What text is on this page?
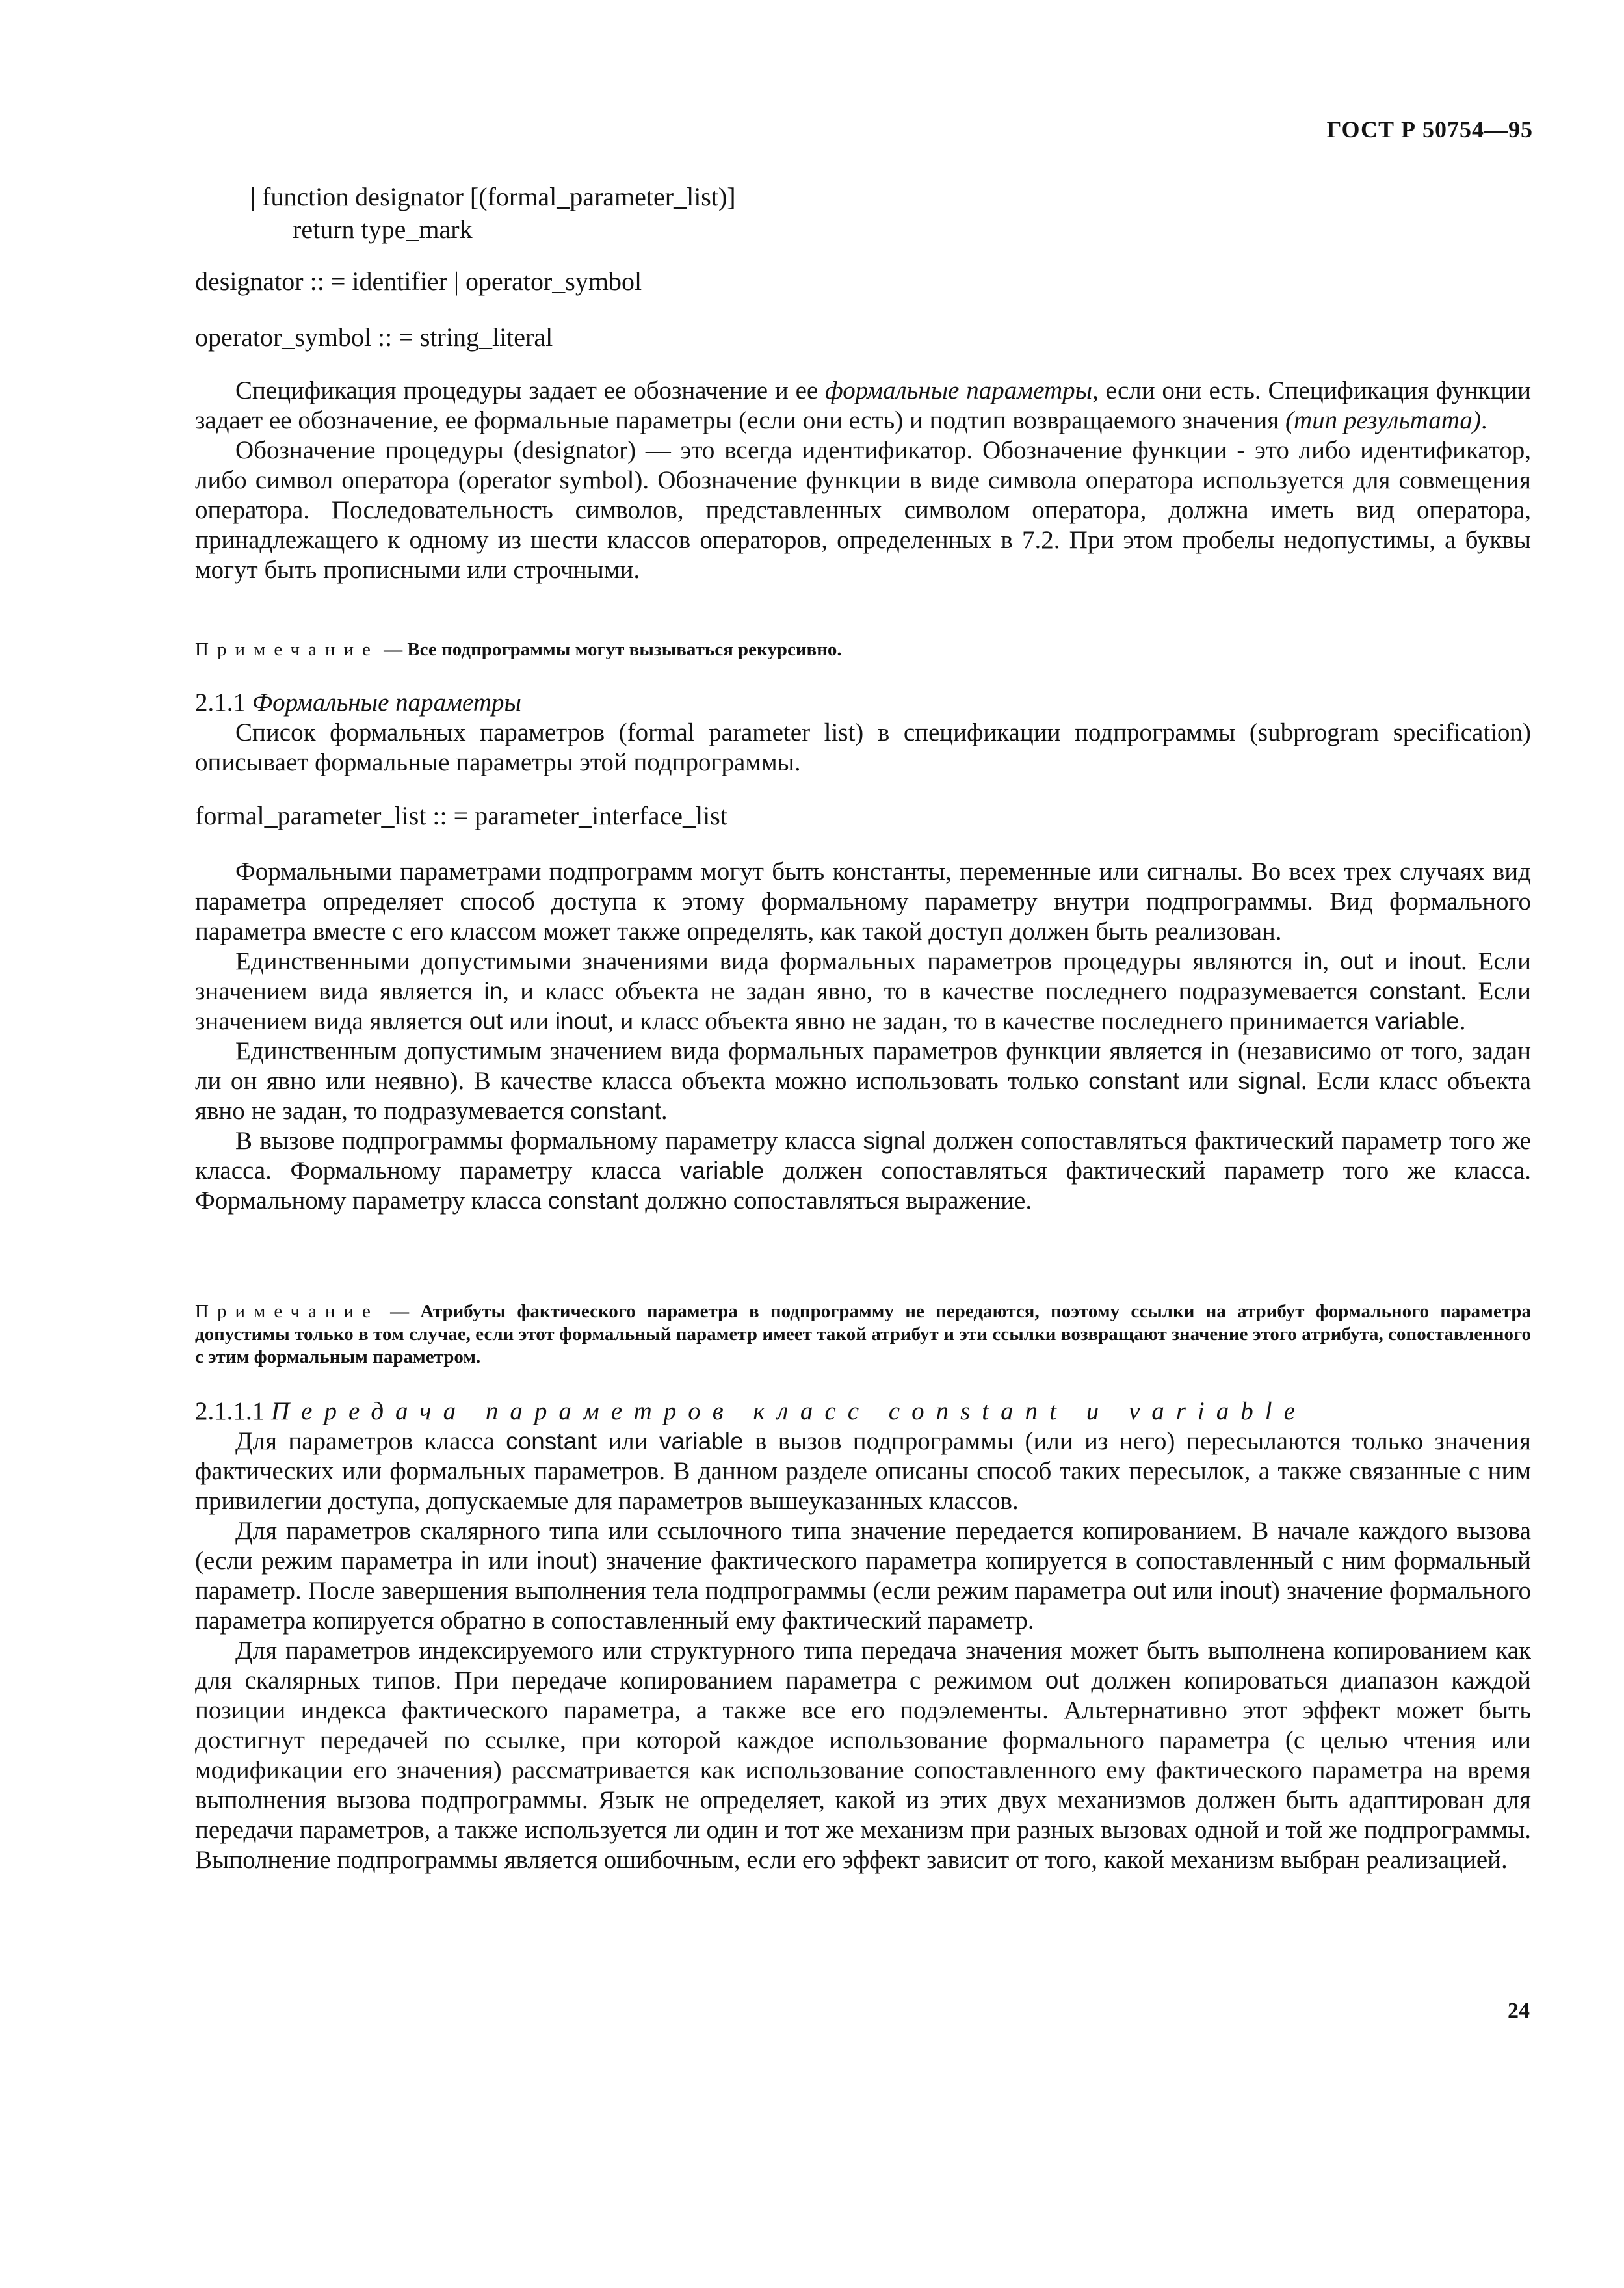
ГОСТ Р 50754—95
| function designator [(formal_parameter_list)]
return type_mark
designator :: = identifier | operator_symbol
operator_symbol :: = string_literal

Спецификация процедуры задает ее обозначение и ее формальные параметры, если они есть. Спецификация функции задает ее обозначение, ее формальные параметры (если они есть) и подтип возвращаемого значения (тип результата).

Обозначение процедуры (designator) — это всегда идентификатор. Обозначение функции - это либо идентификатор, либо символ оператора (operator symbol). Обозначение функции в виде символа оператора используется для совмещения оператора. Последовательность символов, представленных символом оператора, должна иметь вид оператора, принадлежащего к одному из шести классов операторов, определенных в 7.2. При этом пробелы недопустимы, а буквы могут быть прописными или строчными.

Примечание — Все подпрограммы могут вызываться рекурсивно.

2.1.1 Формальные параметры

Список формальных параметров (formal parameter list) в спецификации подпрограммы (subprogram specification) описывает формальные параметры этой подпрограммы.

formal_parameter_list :: = parameter_interface_list

Формальными параметрами подпрограмм могут быть константы, переменные или сигналы. Во всех трех случаях вид параметра определяет способ доступа к этому формальному параметру внутри подпрограммы. Вид формального параметра вместе с его классом может также определять, как такой доступ должен быть реализован.

Единственными допустимыми значениями вида формальных параметров процедуры являются in, out и inout. Если значением вида является in, и класс объекта не задан явно, то в качестве последнего подразумевается constant. Если значением вида является out или inout, и класс объекта явно не задан, то в качестве последнего принимается variable.

Единственным допустимым значением вида формальных параметров функции является in (независимо от того, задан ли он явно или неявно). В качестве класса объекта можно использовать только constant или signal. Если класс объекта явно не задан, то подразумевается constant.

В вызове подпрограммы формальному параметру класса signal должен сопоставляться фактический параметр того же класса. Формальному параметру класса variable должен сопоставляться фактический параметр того же класса. Формальному параметру класса constant должно сопоставляться выражение.

Примечание — Атрибуты фактического параметра в подпрограмму не передаются, поэтому ссылки на атрибут формального параметра допустимы только в том случае, если этот формальный параметр имеет такой атрибут и эти ссылки возвращают значение этого атрибута, сопоставленного с этим формальным параметром.

2.1.1.1 Передача параметров класс constant и variable

Для параметров класса constant или variable в вызов подпрограммы (или из него) пересылаются только значения фактических или формальных параметров. В данном разделе описаны способ таких пересылок, а также связанные с ним привилегии доступа, допускаемые для параметров вышеуказанных классов.

Для параметров скалярного типа или ссылочного типа значение передается копированием. В начале каждого вызова (если режим параметра in или inout) значение фактического параметра копируется в сопоставленный с ним формальный параметр. После завершения выполнения тела подпрограммы (если режим параметра out или inout) значение формального параметра копируется обратно в сопоставленный ему фактический параметр.

Для параметров индексируемого или структурного типа передача значения может быть выполнена копированием как для скалярных типов. При передаче копированием параметра с режимом out должен копироваться диапазон каждой позиции индекса фактического параметра, а также все его подэлементы. Альтернативно этот эффект может быть достигнут передачей по ссылке, при которой каждое использование формального параметра (с целью чтения или модификации его значения) рассматривается как использование сопоставленного ему фактического параметра на время выполнения вызова подпрограммы. Язык не определяет, какой из этих двух механизмов должен быть адаптирован для передачи параметров, а также используется ли один и тот же механизм при разных вызовах одной и той же подпрограммы. Выполнение подпрограммы является ошибочным, если его эффект зависит от того, какой механизм выбран реализацией.

24
